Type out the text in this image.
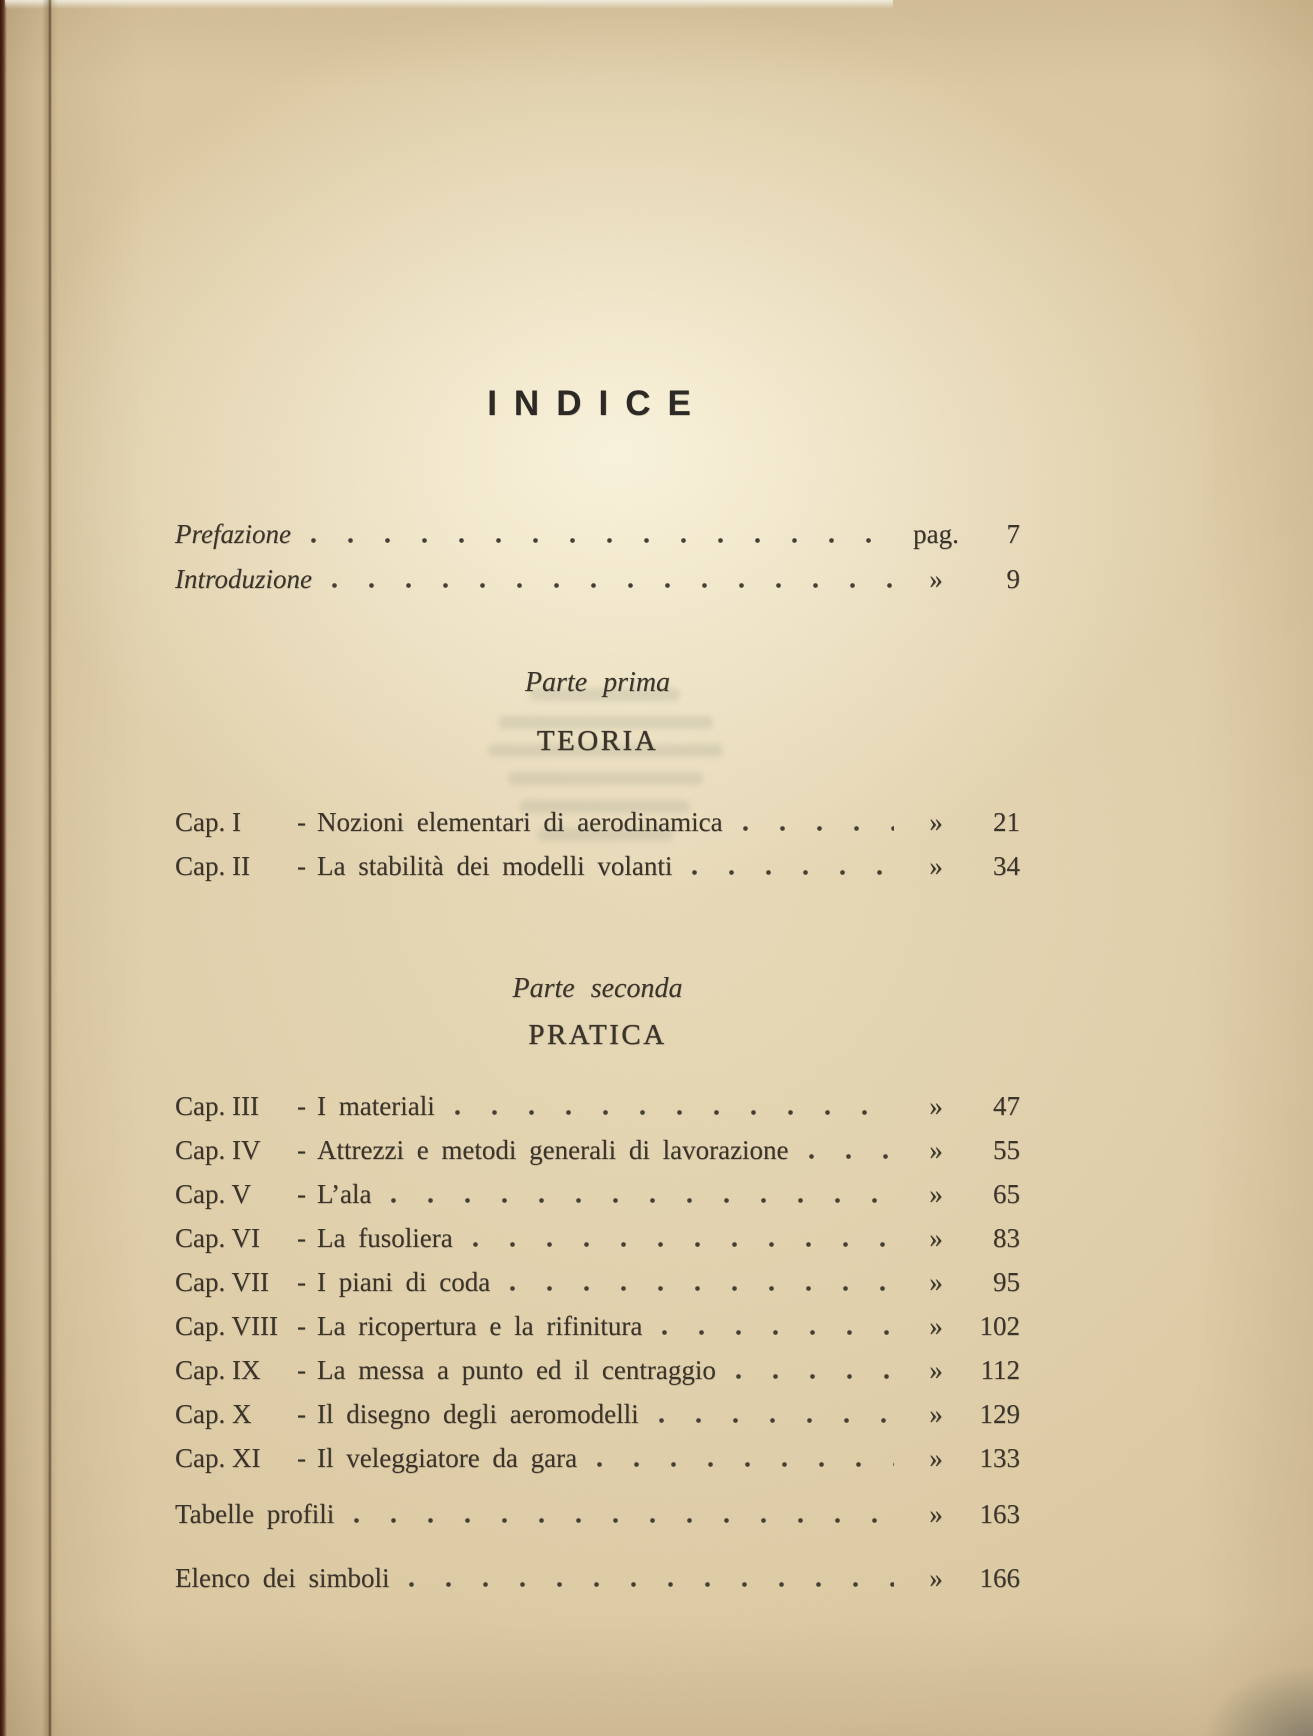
INDICE
Prefazione	pag.	7
Introduzione	»	9

Parte prima

TEORIA

Cap. I	- Nozioni elementari di aerodinamica	»	21
Cap. II	- La stabilità dei modelli volanti	»	34

Parte seconda

PRATICA

Cap. III	- I materiali	»	47
Cap. IV	- Attrezzi e metodi generali di lavorazione	»	55
Cap. V	- L’ala	»	65
Cap. VI	- La fusoliera	»	83
Cap. VII	- I piani di coda	»	95
Cap. VIII - La ricopertura e la rifinitura	»	102
Cap. IX	- La messa a punto ed il centraggio	»	112
Cap. X	- Il disegno degli aeromodelli	»	129
Cap. XI	- Il veleggiatore da gara	»	133
Tabelle profili	»	163
Elenco dei simboli	»	166
